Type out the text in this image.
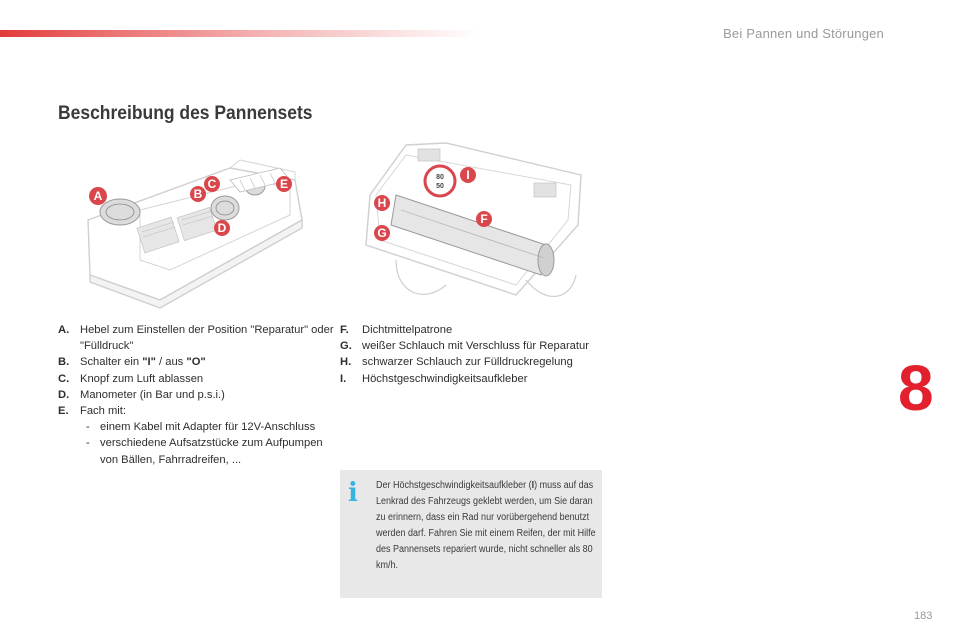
Bei Pannen und Störungen
Beschreibung des Pannensets
A	B
C
D
E	80
50
I
H
F
G
A. Hebel zum Einstellen der Position "Reparatur" oder "Fülldruck"
B. Schalter ein "I" / aus "O"
C. Knopf zum Luft ablassen
D. Manometer (in Bar und p.s.i.)
E.	Fach mit:
- einem Kabel mit Adapter für 12V-Anschluss
- verschiedene Aufsatzstücke zum Aufpumpen von Bällen, Fahrradreifen, ...
F.	Dichtmittelpatrone
G. weißer Schlauch mit Verschluss für Reparatur
H. schwarzer Schlauch zur Fülldruckregelung
I.	Höchstgeschwindigkeitsaufkleber
i	Der Höchstgeschwindigkeitsaufkleber (I) muss auf das Lenkrad des Fahrzeugs geklebt werden, um Sie daran zu erinnern, dass ein Rad nur vorübergehend benutzt werden darf. Fahren Sie mit einem Reifen, der mit Hilfe des Pannensets repariert wurde, nicht schneller als 80 km/h.
8
183
